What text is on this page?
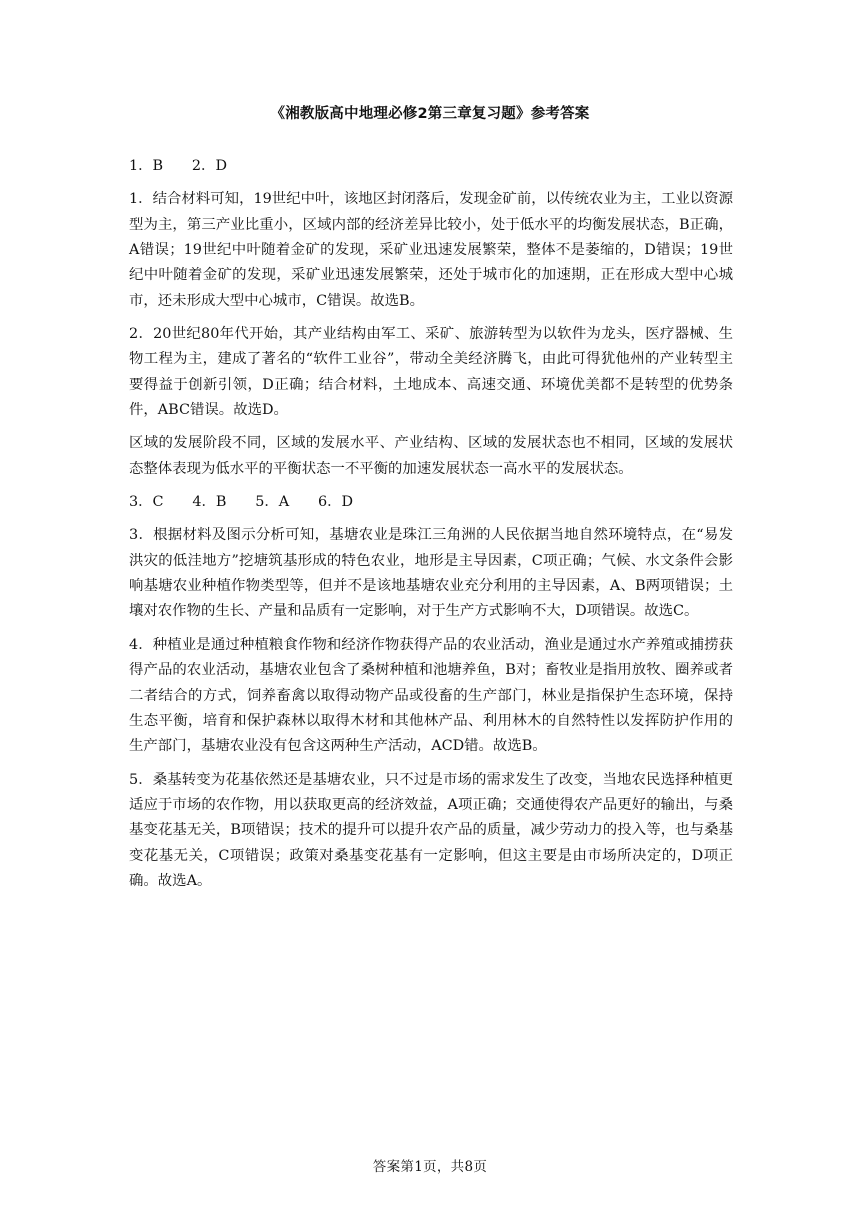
《湘教版高中地理必修2第三章复习题》参考答案

1．B　　2．D

1．结合材料可知，19世纪中叶，该地区封闭落后，发现金矿前，以传统农业为主，工业以资源型为主，第三产业比重小，区域内部的经济差异比较小，处于低水平的均衡发展状态，B正确，A错误；19世纪中叶随着金矿的发现，采矿业迅速发展繁荣，整体不是萎缩的，D错误；19世纪中叶随着金矿的发现，采矿业迅速发展繁荣，还处于城市化的加速期，正在形成大型中心城市，还未形成大型中心城市，C错误。故选B。

2．20世纪80年代开始，其产业结构由军工、采矿、旅游转型为以软件为龙头，医疗器械、生物工程为主，建成了著名的“软件工业谷”，带动全美经济腾飞，由此可得犹他州的产业转型主要得益于创新引领，D正确；结合材料，土地成本、高速交通、环境优美都不是转型的优势条件，ABC错误。故选D。

区域的发展阶段不同，区域的发展水平、产业结构、区域的发展状态也不相同，区域的发展状态整体表现为低水平的平衡状态一不平衡的加速发展状态一高水平的发展状态。

3．C　　4．B　　5．A　　6．D

3．根据材料及图示分析可知，基塘农业是珠江三角洲的人民依据当地自然环境特点，在“易发洪灾的低洼地方”挖塘筑基形成的特色农业，地形是主导因素，C项正确；气候、水文条件会影响基塘农业种植作物类型等，但并不是该地基塘农业充分利用的主导因素，A、B两项错误；土壤对农作物的生长、产量和品质有一定影响，对于生产方式影响不大，D项错误。故选C。

4．种植业是通过种植粮食作物和经济作物获得产品的农业活动，渔业是通过水产养殖或捕捞获得产品的农业活动，基塘农业包含了桑树种植和池塘养鱼，B对；畜牧业是指用放牧、圈养或者二者结合的方式，饲养畜禽以取得动物产品或役畜的生产部门，林业是指保护生态环境，保持生态平衡，培育和保护森林以取得木材和其他林产品、利用林木的自然特性以发挥防护作用的生产部门，基塘农业没有包含这两种生产活动，ACD错。故选B。

5．桑基转变为花基依然还是基塘农业，只不过是市场的需求发生了改变，当地农民选择种植更适应于市场的农作物，用以获取更高的经济效益，A项正确；交通使得农产品更好的输出，与桑基变花基无关，B项错误；技术的提升可以提升农产品的质量，减少劳动力的投入等，也与桑基变花基无关，C项错误；政策对桑基变花基有一定影响，但这主要是由市场所决定的，D项正确。故选A。

答案第1页，共8页
